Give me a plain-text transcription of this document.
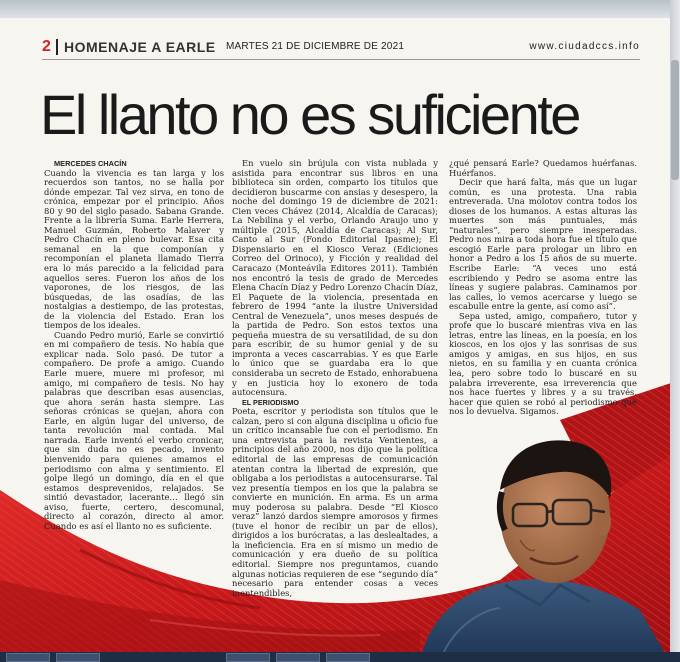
2 HOMENAJE A EARLE MARTES 21 DE DICIEMBRE DE 2021	www.ciudadccs.info
El llanto no es suficiente

MERCEDES CHACÍN

Cuando la vivencia es tan larga y los recuerdos son tantos, no se halla por dónde empezar. Tal vez sirva, en tono de crónica, empezar por el principio. Años 80 y 90 del siglo pasado. Sabana Grande. Frente a la librería Suma. Earle Herrera, Manuel Guzmán, Roberto Malaver y Pedro Chacín en pleno bulevar. Esa cita semanal en la que componían y recomponían el planeta llamado Tierra era lo más parecido a la felicidad para aquellos seres. Fueron los años de los vaporones, de los riesgos, de las búsquedas, de las osadías, de las nostalgias a destiempo, de las protestas, de la violencia del Estado. Eran los tiempos de los ideales.

Cuando Pedro murió, Earle se convirtió en mi compañero de tesis. No había que explicar nada. Solo pasó. De tutor a compañero. De profe a amigo. Cuando Earle muere, muere mi profesor, mi amigo, mi compañero de tesis. No hay palabras que describan esas ausencias, que ahora serán hasta siempre. Las señoras crónicas se quejan, ahora con Earle, en algún lugar del universo, de tanta revolución mal contada. Mal narrada. Earle inventó el verbo cronicar, que sin duda no es pecado, invento bienvenido para quienes amamos el periodismo con alma y sentimiento. El golpe llegó un domingo, día en el que estamos desprevenidos, relajados. Se sintió devastador, lacerante… llegó sin aviso, fuerte, certero, descomunal, directo al corazón, directo al amor. Cuando es así el llanto no es suficiente.

En vuelo sin brújula con vista nublada y asistida para encontrar sus libros en una biblioteca sin orden, comparto los títulos que decidieron buscarme con ansias y desespero, la noche del domingo 19 de diciembre de 2021: Cien veces Chávez (2014, Alcaldía de Caracas); La Nebilina y el verbo, Orlando Araujo uno y múltiple (2015, Alcaldía de Caracas); Al Sur, Canto al Sur (Fondo Editorial Ipasme); El Dispensiario en el Kiosco Veraz (Ediciones Correo del Orinoco), y Ficción y realidad del Caracazo (Monteávila Editores 2011). También nos encontró la tesis de grado de Mercedes Elena Chacín Díaz y Pedro Lorenzo Chacín Díaz, El Paquete de la violencia, presentada en febrero de 1994 “ante la ilustre Universidad Central de Venezuela”, unos meses después de la partida de Pedro. Son estos textos una pequeña muestra de su versatilidad, de su don para escribir, de su humor genial y de su impronta a veces cascarrabias. Y es que Earle lo único que se guardaba era lo que consideraba un secreto de Estado, enhorabuena y en justicia hoy lo exonero de toda autocensura.

EL PERIODISMO

Poeta, escritor y periodista son títulos que le calzan, pero si con alguna disciplina u oficio fue un crítico incansable fue con el periodismo. En una entrevista para la revista Ventientes, a principios del año 2000, nos dijo que la política editorial de las empresas de comunicación atentan contra la libertad de expresión, que obligaba a los periodistas a autocensurarse. Tal vez presentía tiempos en los que la palabra se convierte en munición. En arma. Es un arma muy poderosa su palabra. Desde “El Kiosco veraz” lanzó dardos siempre amorosos y firmes (tuve el honor de recibir un par de ellos), dirigidos a los burócratas, a las deslealtades, a la ineficiencia. Era en sí mismo un medio de comunicación y era dueño de su política editorial. Siempre nos preguntamos, cuando algunas noticias requieren de ese “segundo día” necesario para entender cosas a veces inentendibles,

¿qué pensará Earle? Quedamos huérfanas. Huérfanos.

Decir que hará falta, más que un lugar común, es una protesta. Una rabia entreverada. Una molotov contra todos los dioses de los humanos. A estas alturas las muertes son más puntuales, más “naturales”, pero siempre inesperadas. Pedro nos mira a toda hora fue el título que escogió Earle para prologar un libro en honor a Pedro a los 15 años de su muerte. Escribe Earle: “A veces uno está escribiendo y Pedro se asoma entre las líneas y sugiere palabras. Caminamos por las calles, lo vemos acercarse y luego se escabulle entre la gente, así como así”.

Sepa usted, amigo, compañero, tutor y profe que lo buscaré mientras viva en las letras, entre las líneas, en la poesía, en los kioscos, en los ojos y las sonrisas de sus amigos y amigas, en sus hijos, en sus nietos, en su familia y en cuanta crónica lea, pero sobre todo lo buscaré en su palabra irreverente, esa irreverencia que nos hace fuertes y libres y a su través, hacer que quien se robó al periodismo que nos lo devuelva. Sigamos.
